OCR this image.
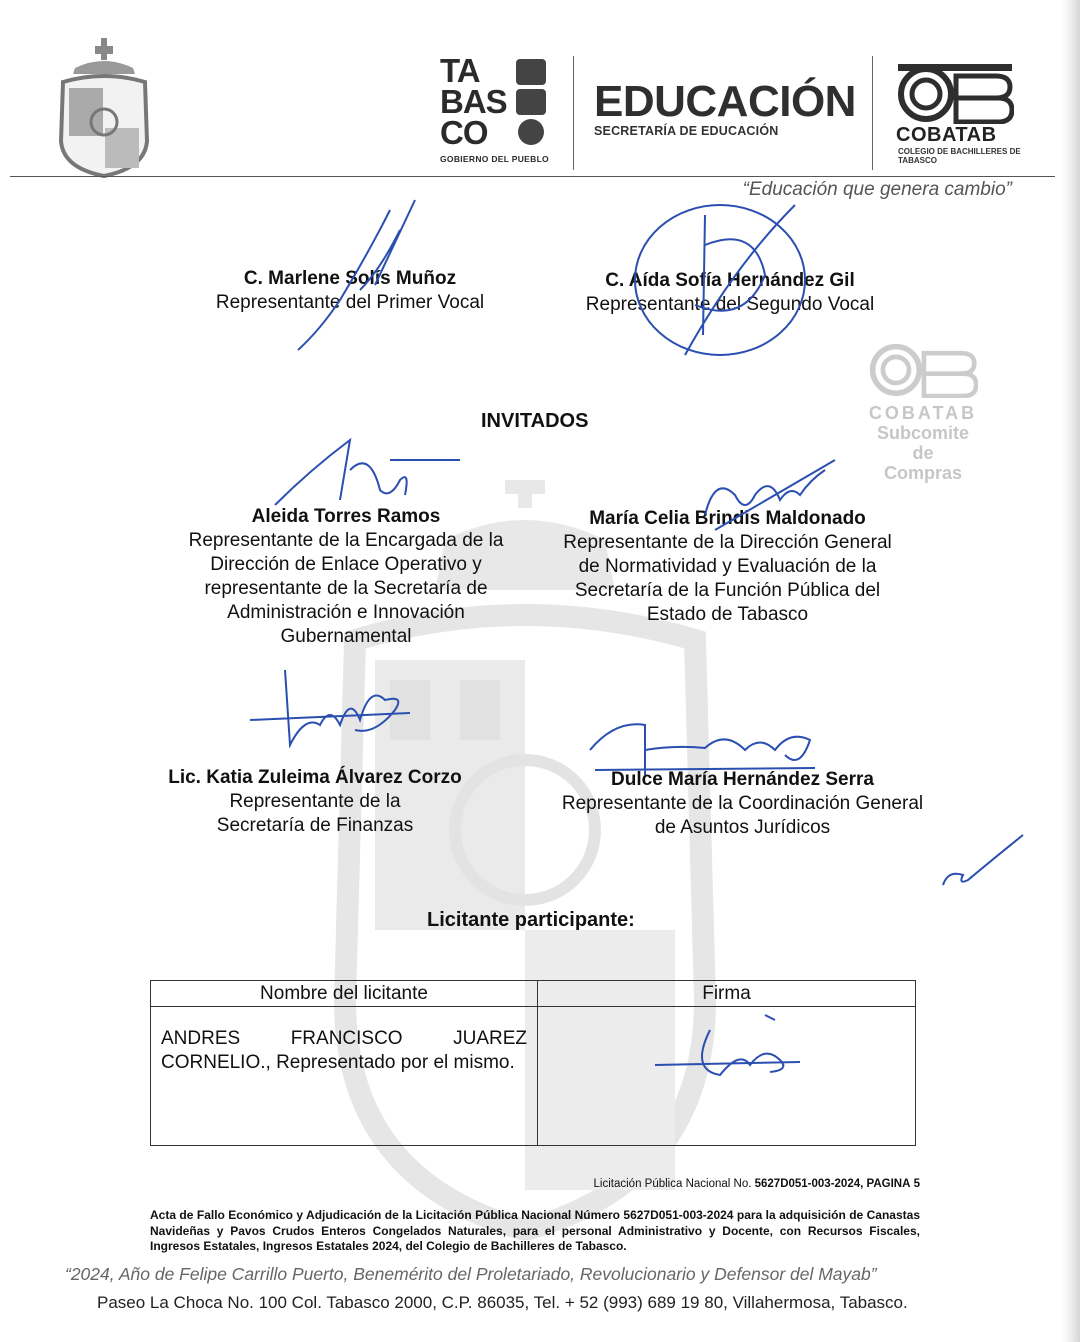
TA
BAS
CO
GOBIERNO DEL PUEBLO
EDUCACIÓN
SECRETARÍA DE EDUCACIÓN	COBATAB
COLEGIO DE BACHILLERES DE TABASCO
“Educación que genera cambio”
C. Marlene Solís Muñoz
Representante del Primer Vocal
C. Aída Sofía Hernández Gil
Representante del Segundo Vocal
COBATAB
Subcomite
de
Compras
INVITADOS
Aleida Torres Ramos
Representante de la Encargada de la
Dirección de Enlace Operativo y
representante de la Secretaría de
Administración e Innovación
Gubernamental
María Celia Brindis Maldonado
Representante de la Dirección General
de Normatividad y Evaluación de la
Secretaría de la Función Pública del
Estado de Tabasco
Lic. Katia Zuleima Álvarez Corzo
Representante de la
Secretaría de Finanzas
Dulce María Hernández Serra
Representante de la Coordinación General
de Asuntos Jurídicos
Licitante participante:
Nombre del licitante	Firma
ANDRES FRANCISCO JUAREZ CORNELIO., Representado por el mismo.	
Licitación Pública Nacional No. 5627D051-003-2024, PAGINA 5
Acta de Fallo Económico y Adjudicación de la Licitación Pública Nacional Número 5627D051-003-2024 para la adquisición de Canastas Navideñas y Pavos Crudos Enteros Congelados Naturales, para el personal Administrativo y Docente, con Recursos Fiscales, Ingresos Estatales, Ingresos Estatales 2024, del Colegio de Bachilleres de Tabasco.
“2024, Año de Felipe Carrillo Puerto, Benemérito del Proletariado, Revolucionario y Defensor del Mayab”
Paseo La Choca No. 100 Col. Tabasco 2000, C.P. 86035, Tel. + 52 (993) 689 19 80, Villahermosa, Tabasco.
